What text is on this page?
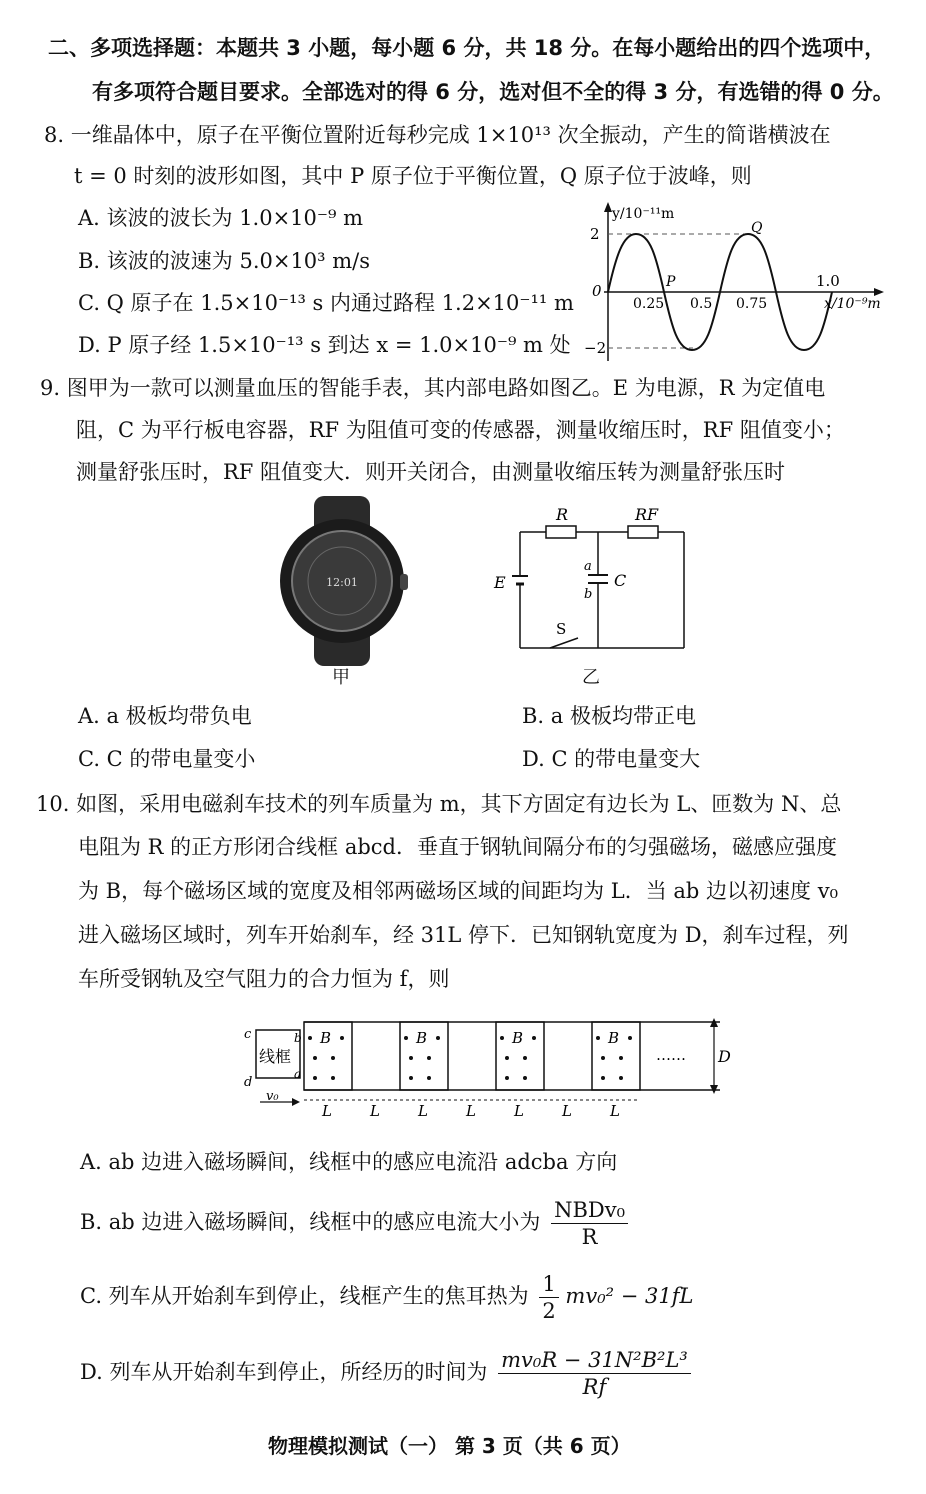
二、多项选择题：本题共 3 小题，每小题 6 分，共 18 分。在每小题给出的四个选项中，
有多项符合题目要求。全部选对的得 6 分，选对但不全的得 3 分，有选错的得 0 分。
8. 一维晶体中，原子在平衡位置附近每秒完成 1×10¹³ 次全振动，产生的简谐横波在
t = 0 时刻的波形如图，其中 P 原子位于平衡位置，Q 原子位于波峰，则
A. 该波的波长为 1.0×10⁻⁹ m
B. 该波的波速为 5.0×10³ m/s
C. Q 原子在 1.5×10⁻¹³ s 内通过路程 1.2×10⁻¹¹ m
D. P 原子经 1.5×10⁻¹³ s 到达 x = 1.0×10⁻⁹ m 处
y/10⁻¹¹m
2
0
−2
0.25 0.5 0.75
1.0
x/10⁻⁹m
P
Q
9. 图甲为一款可以测量血压的智能手表，其内部电路如图乙。E 为电源，R 为定值电
阻，C 为平行板电容器，RF 为阻值可变的传感器，测量收缩压时，RF 阻值变小；
测量舒张压时，RF 阻值变大．则开关闭合，由测量收缩压转为测量舒张压时
12:01
甲
R	RF
E	C
a
b
S
乙
A. a 极板均带负电	B. a 极板均带正电
C. C 的带电量变小	D. C 的带电量变大
10. 如图，采用电磁刹车技术的列车质量为 m，其下方固定有边长为 L、匝数为 N、总
电阻为 R 的正方形闭合线框 abcd．垂直于钢轨间隔分布的匀强磁场，磁感应强度
为 B，每个磁场区域的宽度及相邻两磁场区域的间距均为 L．当 ab 边以初速度 v₀
进入磁场区域时，列车开始刹车，经 31L 停下．已知钢轨宽度为 D，刹车过程，列
车所受钢轨及空气阻力的合力恒为 f，则
B	B	B	B
……
线框
c	b
d
a
v₀
D
L	L	L	L	L	L	L
A. ab 边进入磁场瞬间，线框中的感应电流沿 adcba 方向
B. ab 边进入磁场瞬间，线框中的感应电流大小为 $\frac{\text{NBDv₀}}{R}$
C. 列车从开始刹车到停止，线框产生的焦耳热为 $\frac{1}{2} mv_0^2 - 31fL$
D. 列车从开始刹车到停止，所经历的时间为 $\frac{\text{mv₀R − 31N²B²L³}}{Rf}$
物理模拟测试（一） 第 3 页（共 6 页）
